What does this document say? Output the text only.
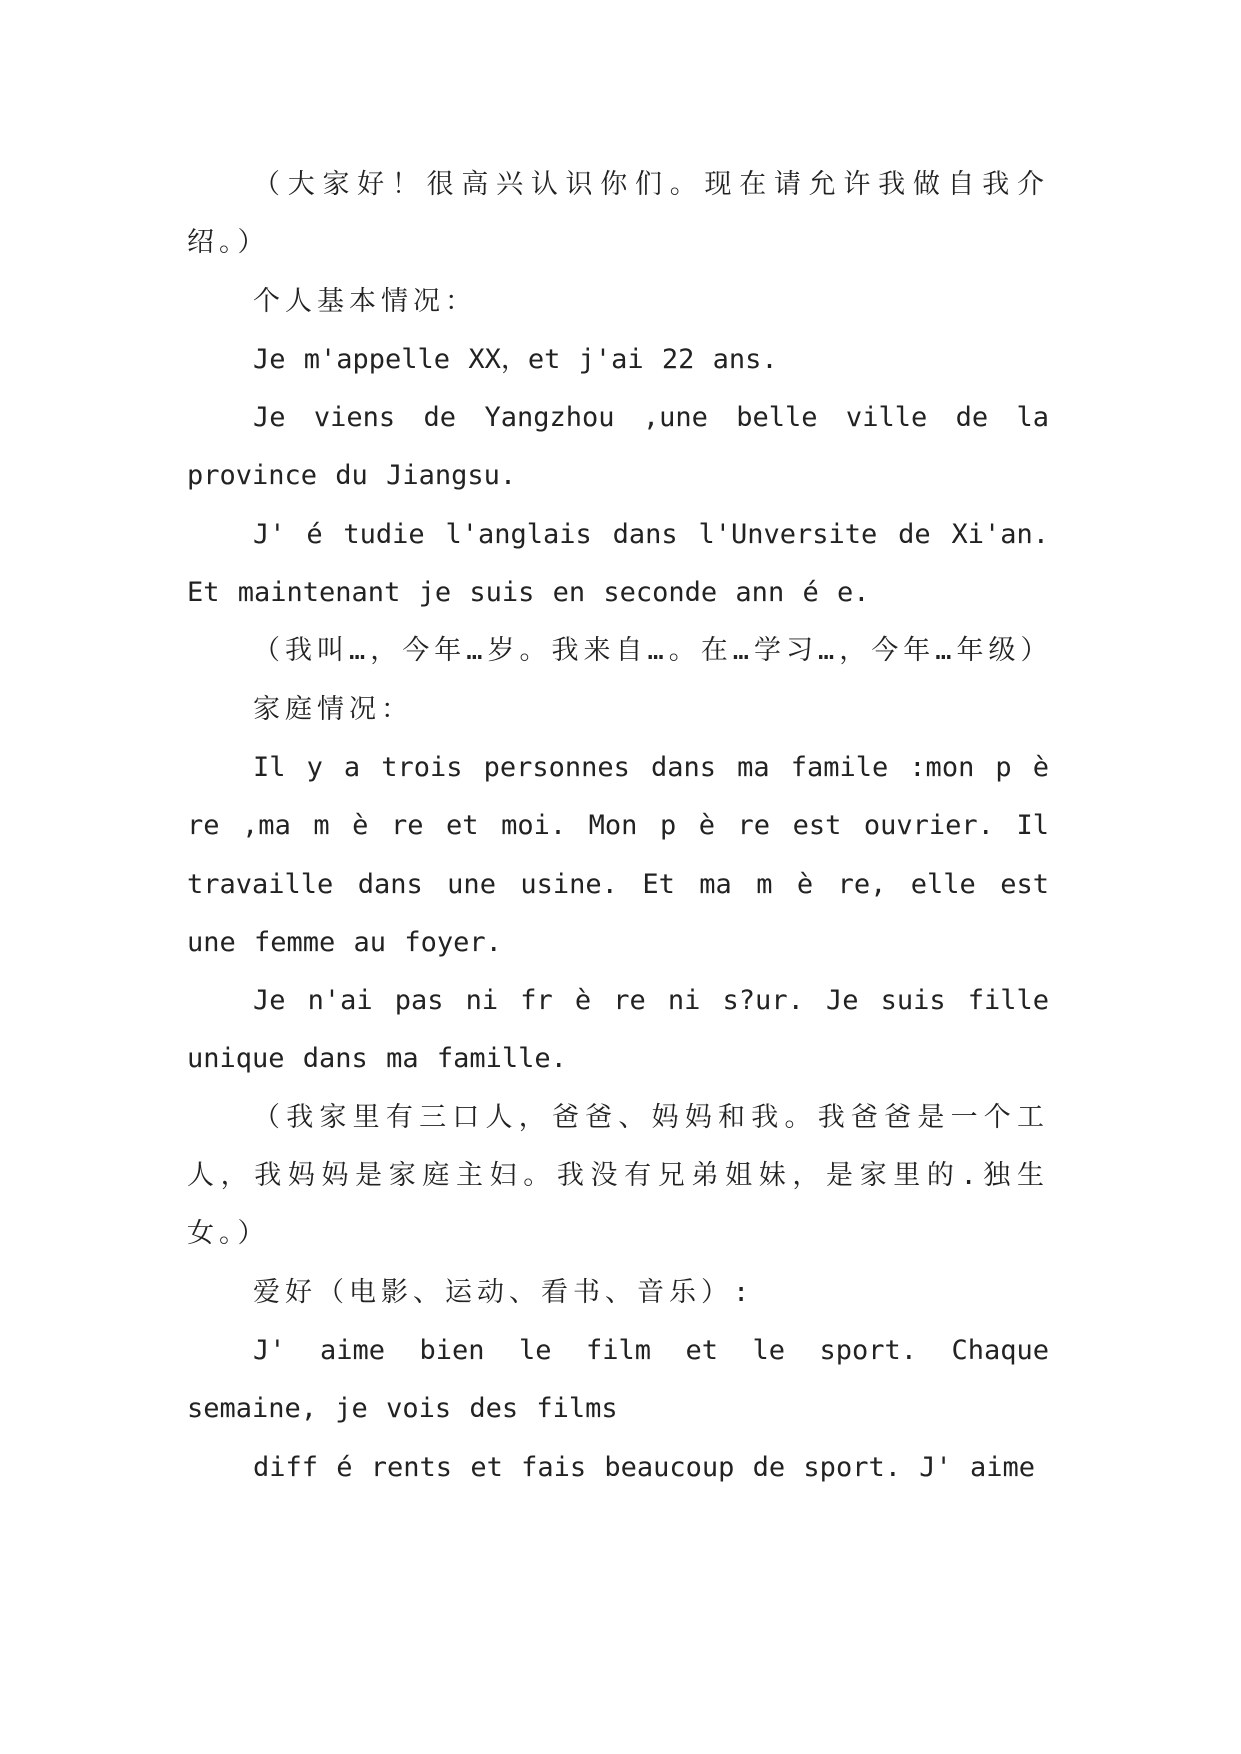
（大家好！很高兴认识你们。现在请允许我做自我介绍。）

个人基本情况：

Je m'appelle XX，et j'ai 22 ans.

Je viens de Yangzhou ,une belle ville de la province du Jiangsu.

J' é tudie l'anglais dans l'Unversite de Xi'an. Et maintenant je suis en seconde ann é e.

（我叫…，今年…岁。我来自…。在…学习…，今年…年级）

家庭情况：

Il y a trois personnes dans ma famile :mon p è re ,ma m è re et moi. Mon p è re est ouvrier. Il travaille dans une usine. Et ma m è re, elle est une femme au foyer.

Je n'ai pas ni fr è re ni s?ur. Je suis fille unique dans ma famille.

（我家里有三口人，爸爸、妈妈和我。我爸爸是一个工人，我妈妈是家庭主妇。我没有兄弟姐妹，是家里的.独生女。）

爱好（电影、运动、看书、音乐）:

J' aime bien le film et le sport. Chaque semaine, je vois des films

diff é rents et fais beaucoup de sport. J' aime
